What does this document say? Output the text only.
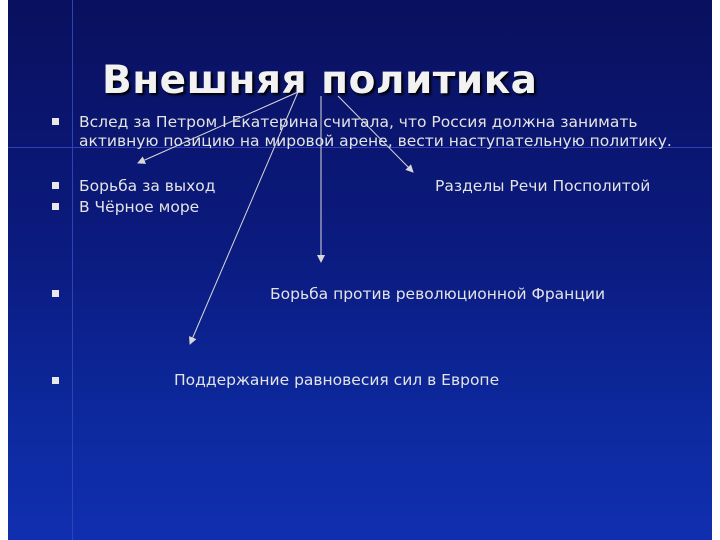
Внешняя политика
Вслед за Петром I Екатерина считала, что Россия должна занимать
активную позицию на мировой арене, вести наступательную политику.
Борьба за выход
В Чёрное море
Разделы Речи Посполитой
Борьба против революционной Франции
Поддержание равновесия сил в Европе
